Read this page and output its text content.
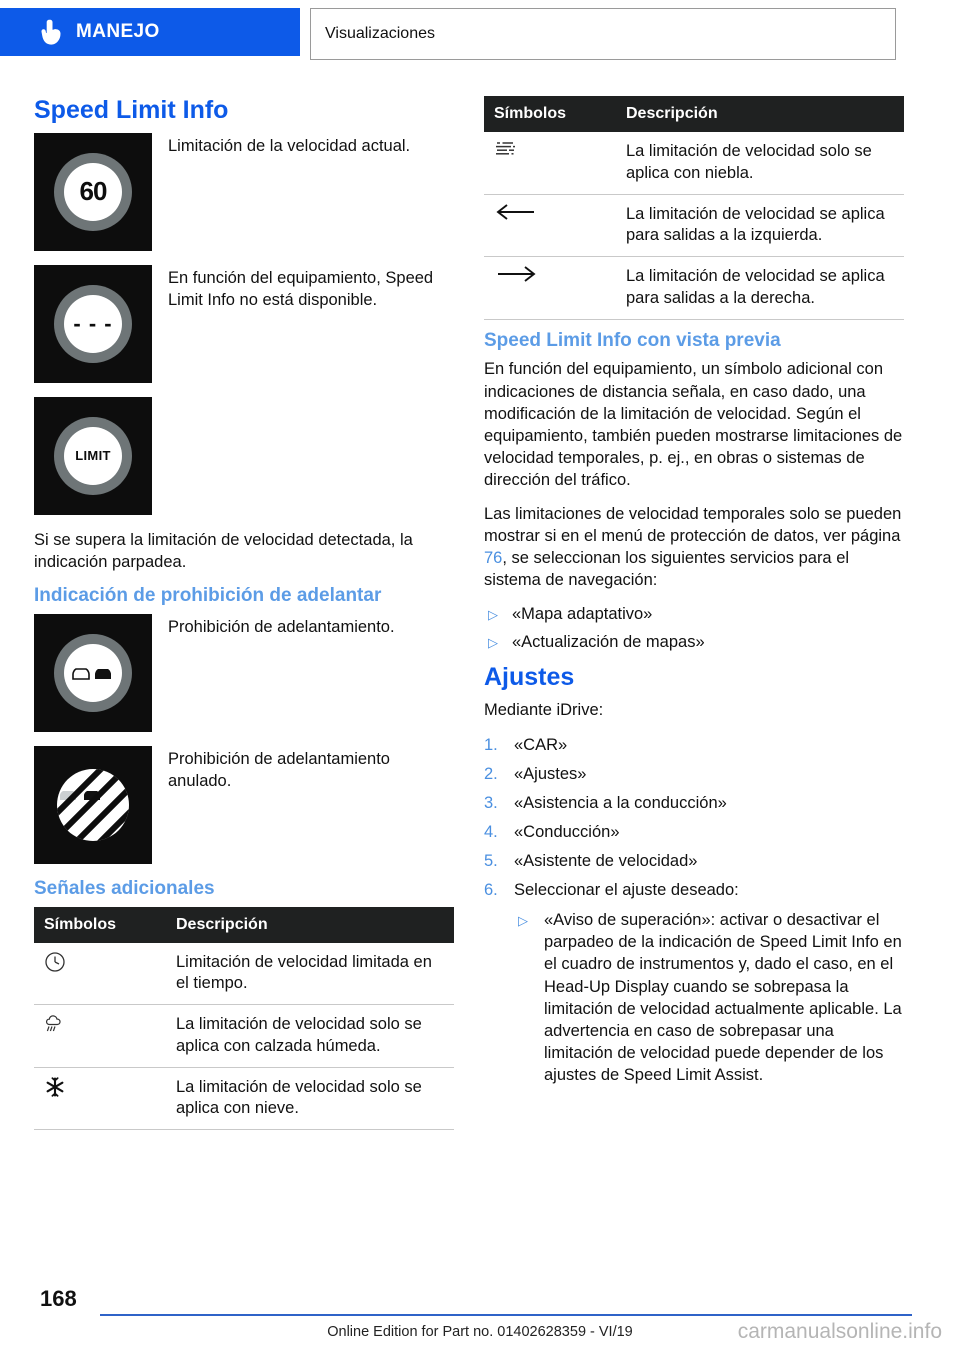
MANEJO	Visualizaciones
Speed Limit Info
60
Limitación de la velocidad actual.
- - -
En función del equipamiento, Speed Limit Info no está disponible.
LIMIT

Si se supera la limitación de velocidad detectada, la indicación parpadea.

Indicación de prohibición de adelantar
Prohibición de adelantamiento.
Prohibición de adelantamiento anulado.
Señales adicionales
Símbolos	Descripción

	Limitación de velocidad limitada en el tiempo.

	La limitación de velocidad solo se aplica con calzada húmeda.

	La limitación de velocidad solo se aplica con nieve.
Símbolos	Descripción

	La limitación de velocidad solo se aplica con niebla.

	La limitación de velocidad se aplica para salidas a la izquierda.

	La limitación de velocidad se aplica para salidas a la derecha.
Speed Limit Info con vista previa

En función del equipamiento, un símbolo adicional con indicaciones de distancia señala, en caso dado, una modificación de la limitación de velocidad. Según el equipamiento, también pueden mostrarse limitaciones de velocidad temporales, p. ej., en obras o sistemas de dirección del tráfico.

Las limitaciones de velocidad temporales solo se pueden mostrar si en el menú de protección de datos, ver página 76, se seleccionan los siguientes servicios para el sistema de navegación:

▷ «Mapa adaptativo»
▷ «Actualización de mapas»
Ajustes

Mediante iDrive:

1. «CAR»
2. «Ajustes»
3. «Asistencia a la conducción»
4. «Conducción»
5. «Asistente de velocidad»
6. Seleccionar el ajuste deseado:
▷ «Aviso de superación»: activar o desactivar el parpadeo de la indicación de Speed Limit Info en el cuadro de instrumentos y, dado el caso, en el Head-Up Display cuando se sobrepasa la limitación de velocidad actualmente aplicable. La advertencia en caso de sobrepasar una limitación de velocidad puede depender de los ajustes de Speed Limit Assist.
168
Online Edition for Part no. 01402628359 - VI/19	carmanualsonline.info
